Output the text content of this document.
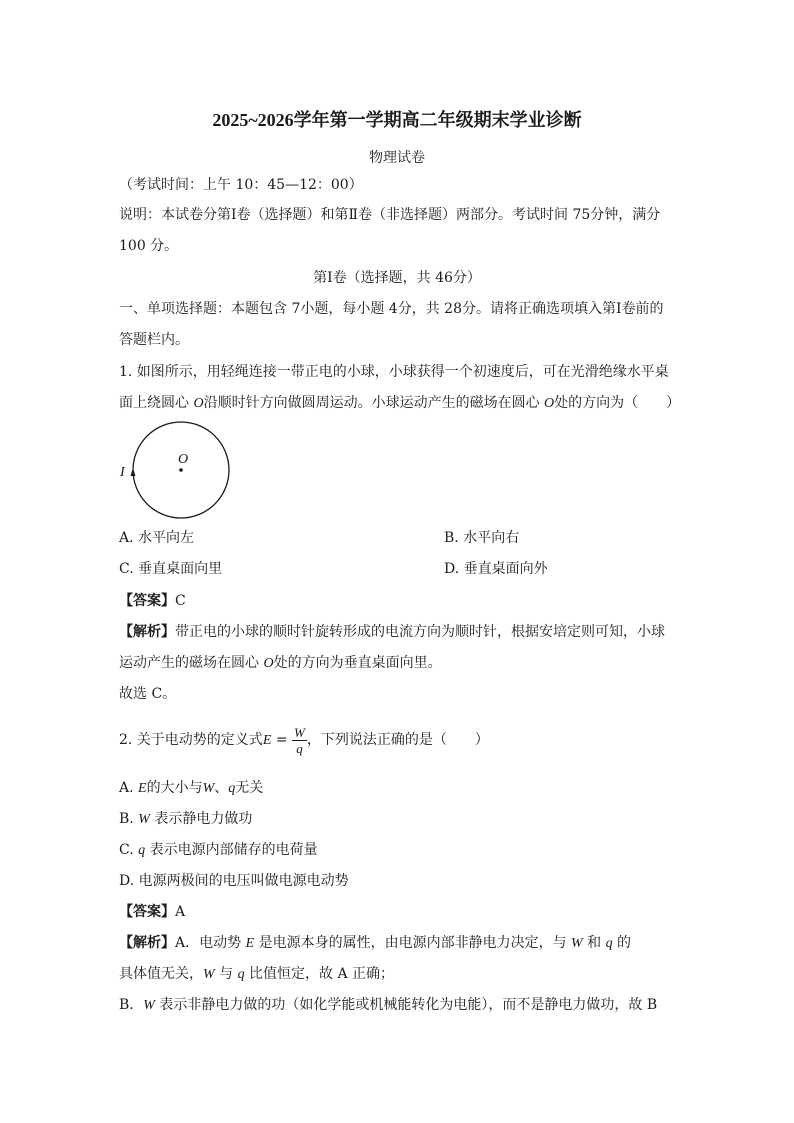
2025~2026学年第一学期高二年级期末学业诊断
物理试卷
（考试时间：上午 10：45—12：00）
说明：本试卷分第Ⅰ卷（选择题）和第Ⅱ卷（非选择题）两部分。考试时间 75分钟，满分
100 分。
第Ⅰ卷（选择题，共 46分）
一、单项选择题：本题包含 7小题，每小题 4分，共 28分。请将正确选项填入第Ⅰ卷前的
答题栏内。
1. 如图所示，用轻绳连接一带正电的小球，小球获得一个初速度后，可在光滑绝缘水平桌
面上绕圆心 O沿顺时针方向做圆周运动。小球运动产生的磁场在圆心 O处的方向为（　　）
O
I
A. 水平向左	B. 水平向右
C. 垂直桌面向里	D. 垂直桌面向外
【答案】C
【解析】带正电的小球的顺时针旋转形成的电流方向为顺时针，根据安培定则可知，小球
运动产生的磁场在圆心 O处的方向为垂直桌面向里。
故选 C。
2. 关于电动势的定义式$E = \frac{W}{q}$ ，下列说法正确的是（　　）
A. E的大小与W、q无关
B. W 表示静电力做功
C. q 表示电源内部储存的电荷量
D. 电源两极间的电压叫做电源电动势
【答案】A
【解析】A．电动势 E 是电源本身的属性，由电源内部非静电力决定，与 W 和 q 的
具体值无关，W 与 q 比值恒定，故 A 正确；
B．W 表示非静电力做的功（如化学能或机械能转化为电能），而不是静电力做功，故 B
